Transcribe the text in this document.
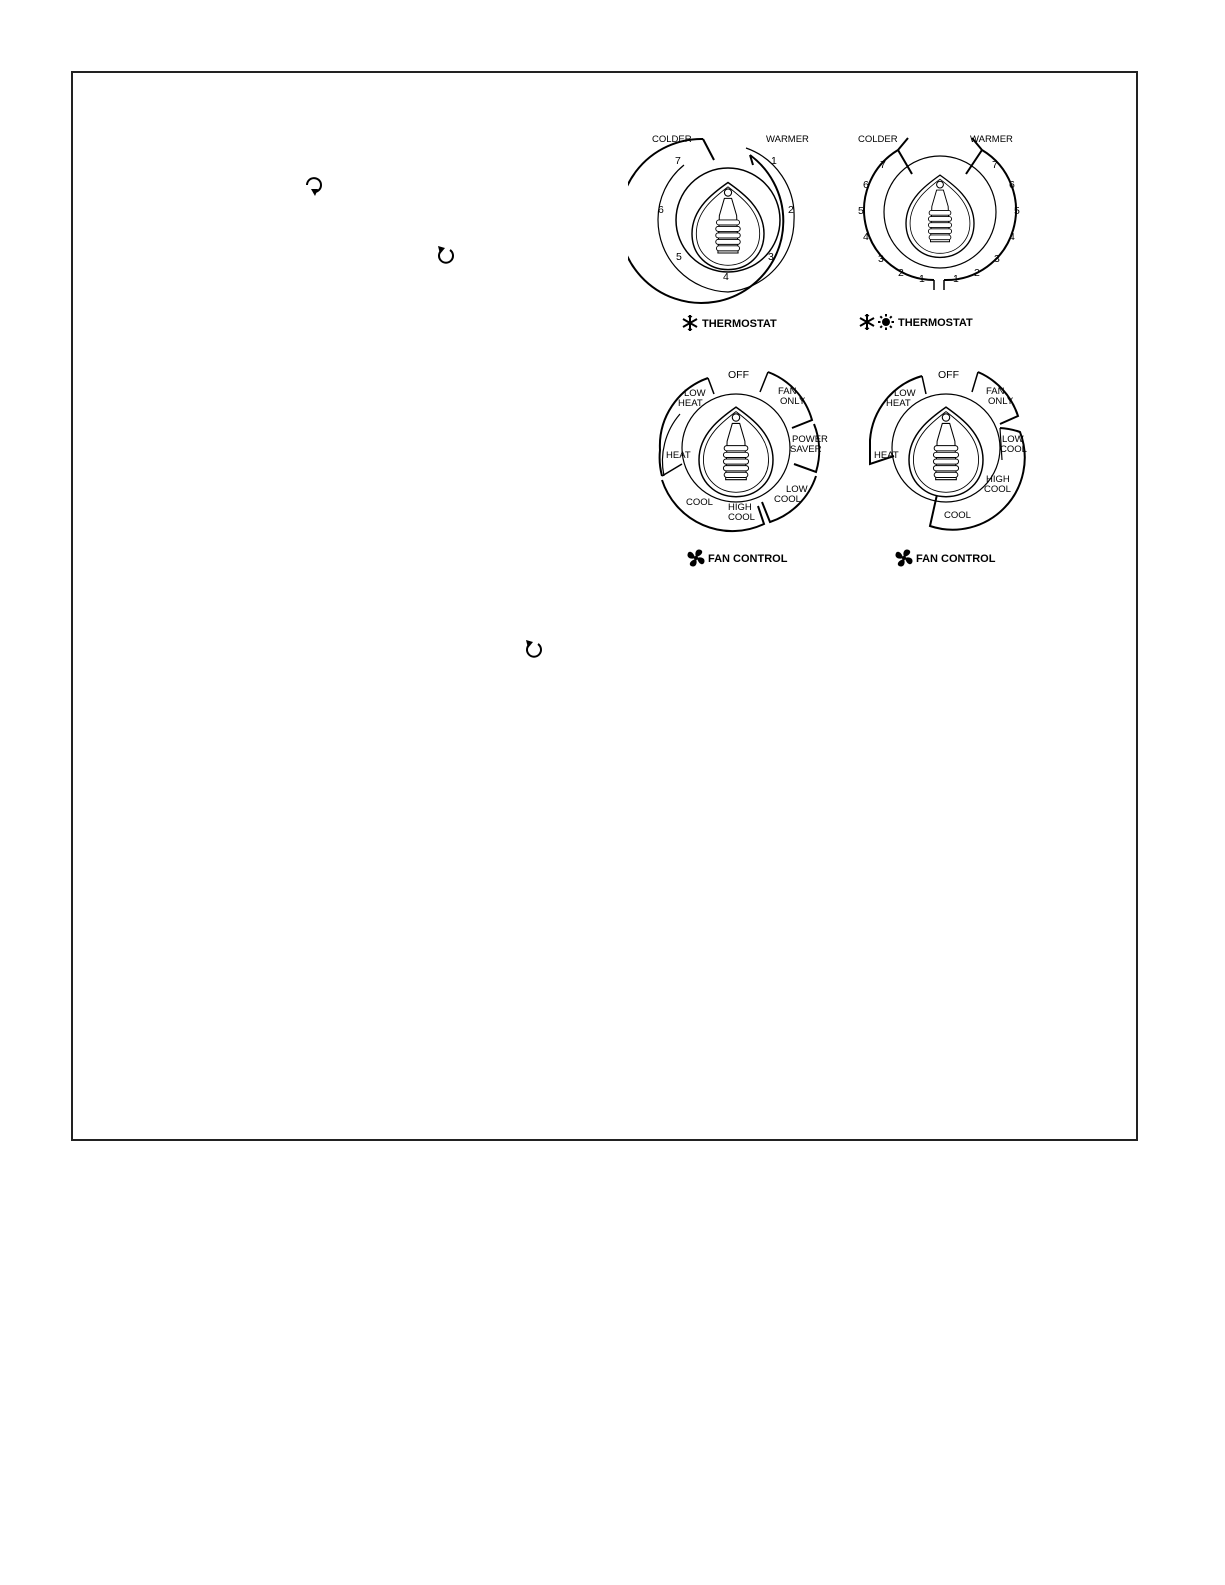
COLDER	WARMER
1
2
3
4
5
6
7
THERMOSTAT
COLDER	WARMER
7
6
5
4
3
2 1
7
6
5
4
3
2
1
THERMOSTAT
OFF
LOW
HEAT
HEAT
FAN
ONLY
POWER
SAVER
LOW
COOL
HIGH
COOL
COOL
FAN CONTROL
OFF
LOW
HEAT
HEAT
FAN
ONLY
LOW
COOL
HIGH
COOL
COOL
FAN CONTROL
